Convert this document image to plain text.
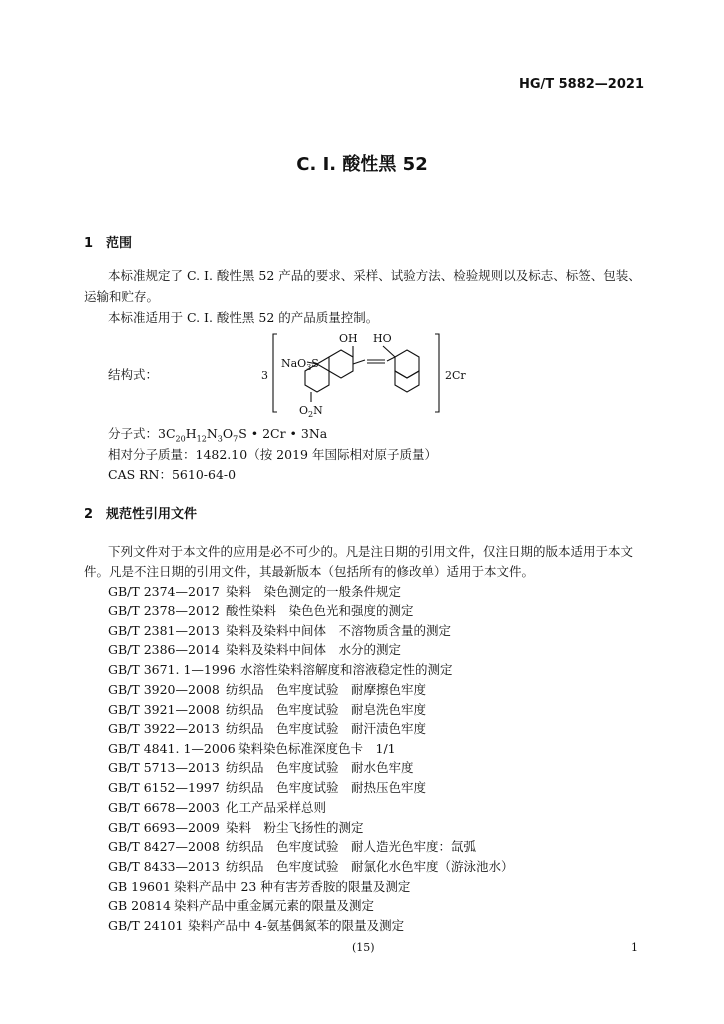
HG/T 5882—2021
C. I. 酸性黑 52
1 范围
本标准规定了 C. I. 酸性黑 52 产品的要求、采样、试验方法、检验规则以及标志、标签、包装、
运输和贮存。
本标准适用于 C. I. 酸性黑 52 的产品质量控制。
结构式：	3	2Cr
OH HO
NaO$_3$S
$O_2N$
分子式：$3C_{20}H_{12}N_3O_7S$ • 2Cr • 3Na
相对分子质量：1482.10（按 2019 年国际相对原子质量）
CAS RN：5610-64-0
2 规范性引用文件
下列文件对于本文件的应用是必不可少的。凡是注日期的引用文件，仅注日期的版本适用于本文
件。凡是不注日期的引用文件，其最新版本（包括所有的修改单）适用于本文件。
GB/T 2374—2017 染料　染色测定的一般条件规定
GB/T 2378—2012 酸性染料　染色色光和强度的测定
GB/T 2381—2013 染料及染料中间体　不溶物质含量的测定
GB/T 2386—2014 染料及染料中间体　水分的测定
GB/T 3671. 1—1996 水溶性染料溶解度和溶液稳定性的测定
GB/T 3920—2008 纺织品　色牢度试验　耐摩擦色牢度
GB/T 3921—2008 纺织品　色牢度试验　耐皂洗色牢度
GB/T 3922—2013 纺织品　色牢度试验　耐汗渍色牢度
GB/T 4841. 1—2006 染料染色标准深度色卡　1/1
GB/T 5713—2013 纺织品　色牢度试验　耐水色牢度
GB/T 6152—1997 纺织品　色牢度试验　耐热压色牢度
GB/T 6678—2003 化工产品采样总则
GB/T 6693—2009 染料　粉尘飞扬性的测定
GB/T 8427—2008 纺织品　色牢度试验　耐人造光色牢度：氙弧
GB/T 8433—2013 纺织品　色牢度试验　耐氯化水色牢度（游泳池水）
GB 19601 染料产品中 23 种有害芳香胺的限量及测定
GB 20814 染料产品中重金属元素的限量及测定
GB/T 24101 染料产品中 4-氨基偶氮苯的限量及测定
(15)	1
